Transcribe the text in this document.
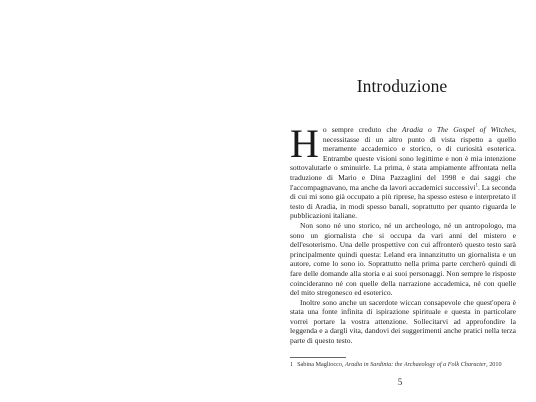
Introduzione

Ho sempre creduto che Aradia o The Gospel of Witches, necessitasse di un altro punto di vista rispetto a quello meramente accademico e storico, o di curiosità esoterica. Entrambe queste visioni sono legittime e non è mia intenzione sottovalutarle o sminuirle. La prima, è stata ampiamente affrontata nella traduzione di Mario e Dina Pazzaglini del 1998 e dai saggi che l'accompagnavano, ma anche da lavori accademici successivi$^1$. La seconda di cui mi sono già occupato a più riprese, ha spesso esteso e interpretato il testo di Aradia, in modi spesso banali, soprattutto per quanto riguarda le pubblicazioni italiane.

Non sono né uno storico, né un archeologo, né un antropologo, ma sono un giornalista che si occupa da vari anni del mistero e dell'esoterismo. Una delle prospettive con cui affronterò questo testo sarà principalmente quindi questa: Leland era innanzitutto un giornalista e un autore, come lo sono io. Soprattutto nella prima parte cercherò quindi di fare delle domande alla storia e ai suoi personaggi. Non sempre le risposte coincideranno né con quelle della narrazione accademica, né con quelle del mito stregonesco ed esoterico.

Inoltre sono anche un sacerdote wiccan consapevole che quest'opera è stata una fonte infinita di ispirazione spirituale e questa in particolare vorrei portare la vostra attenzione. Sollecitarvi ad approfondire la leggenda e a dargli vita, dandovi dei suggerimenti anche pratici nella terza parte di questo testo.

1 Sabina Magliocco, Aradia in Sardinia: the Archaeology of a Folk Character, 2010
5
